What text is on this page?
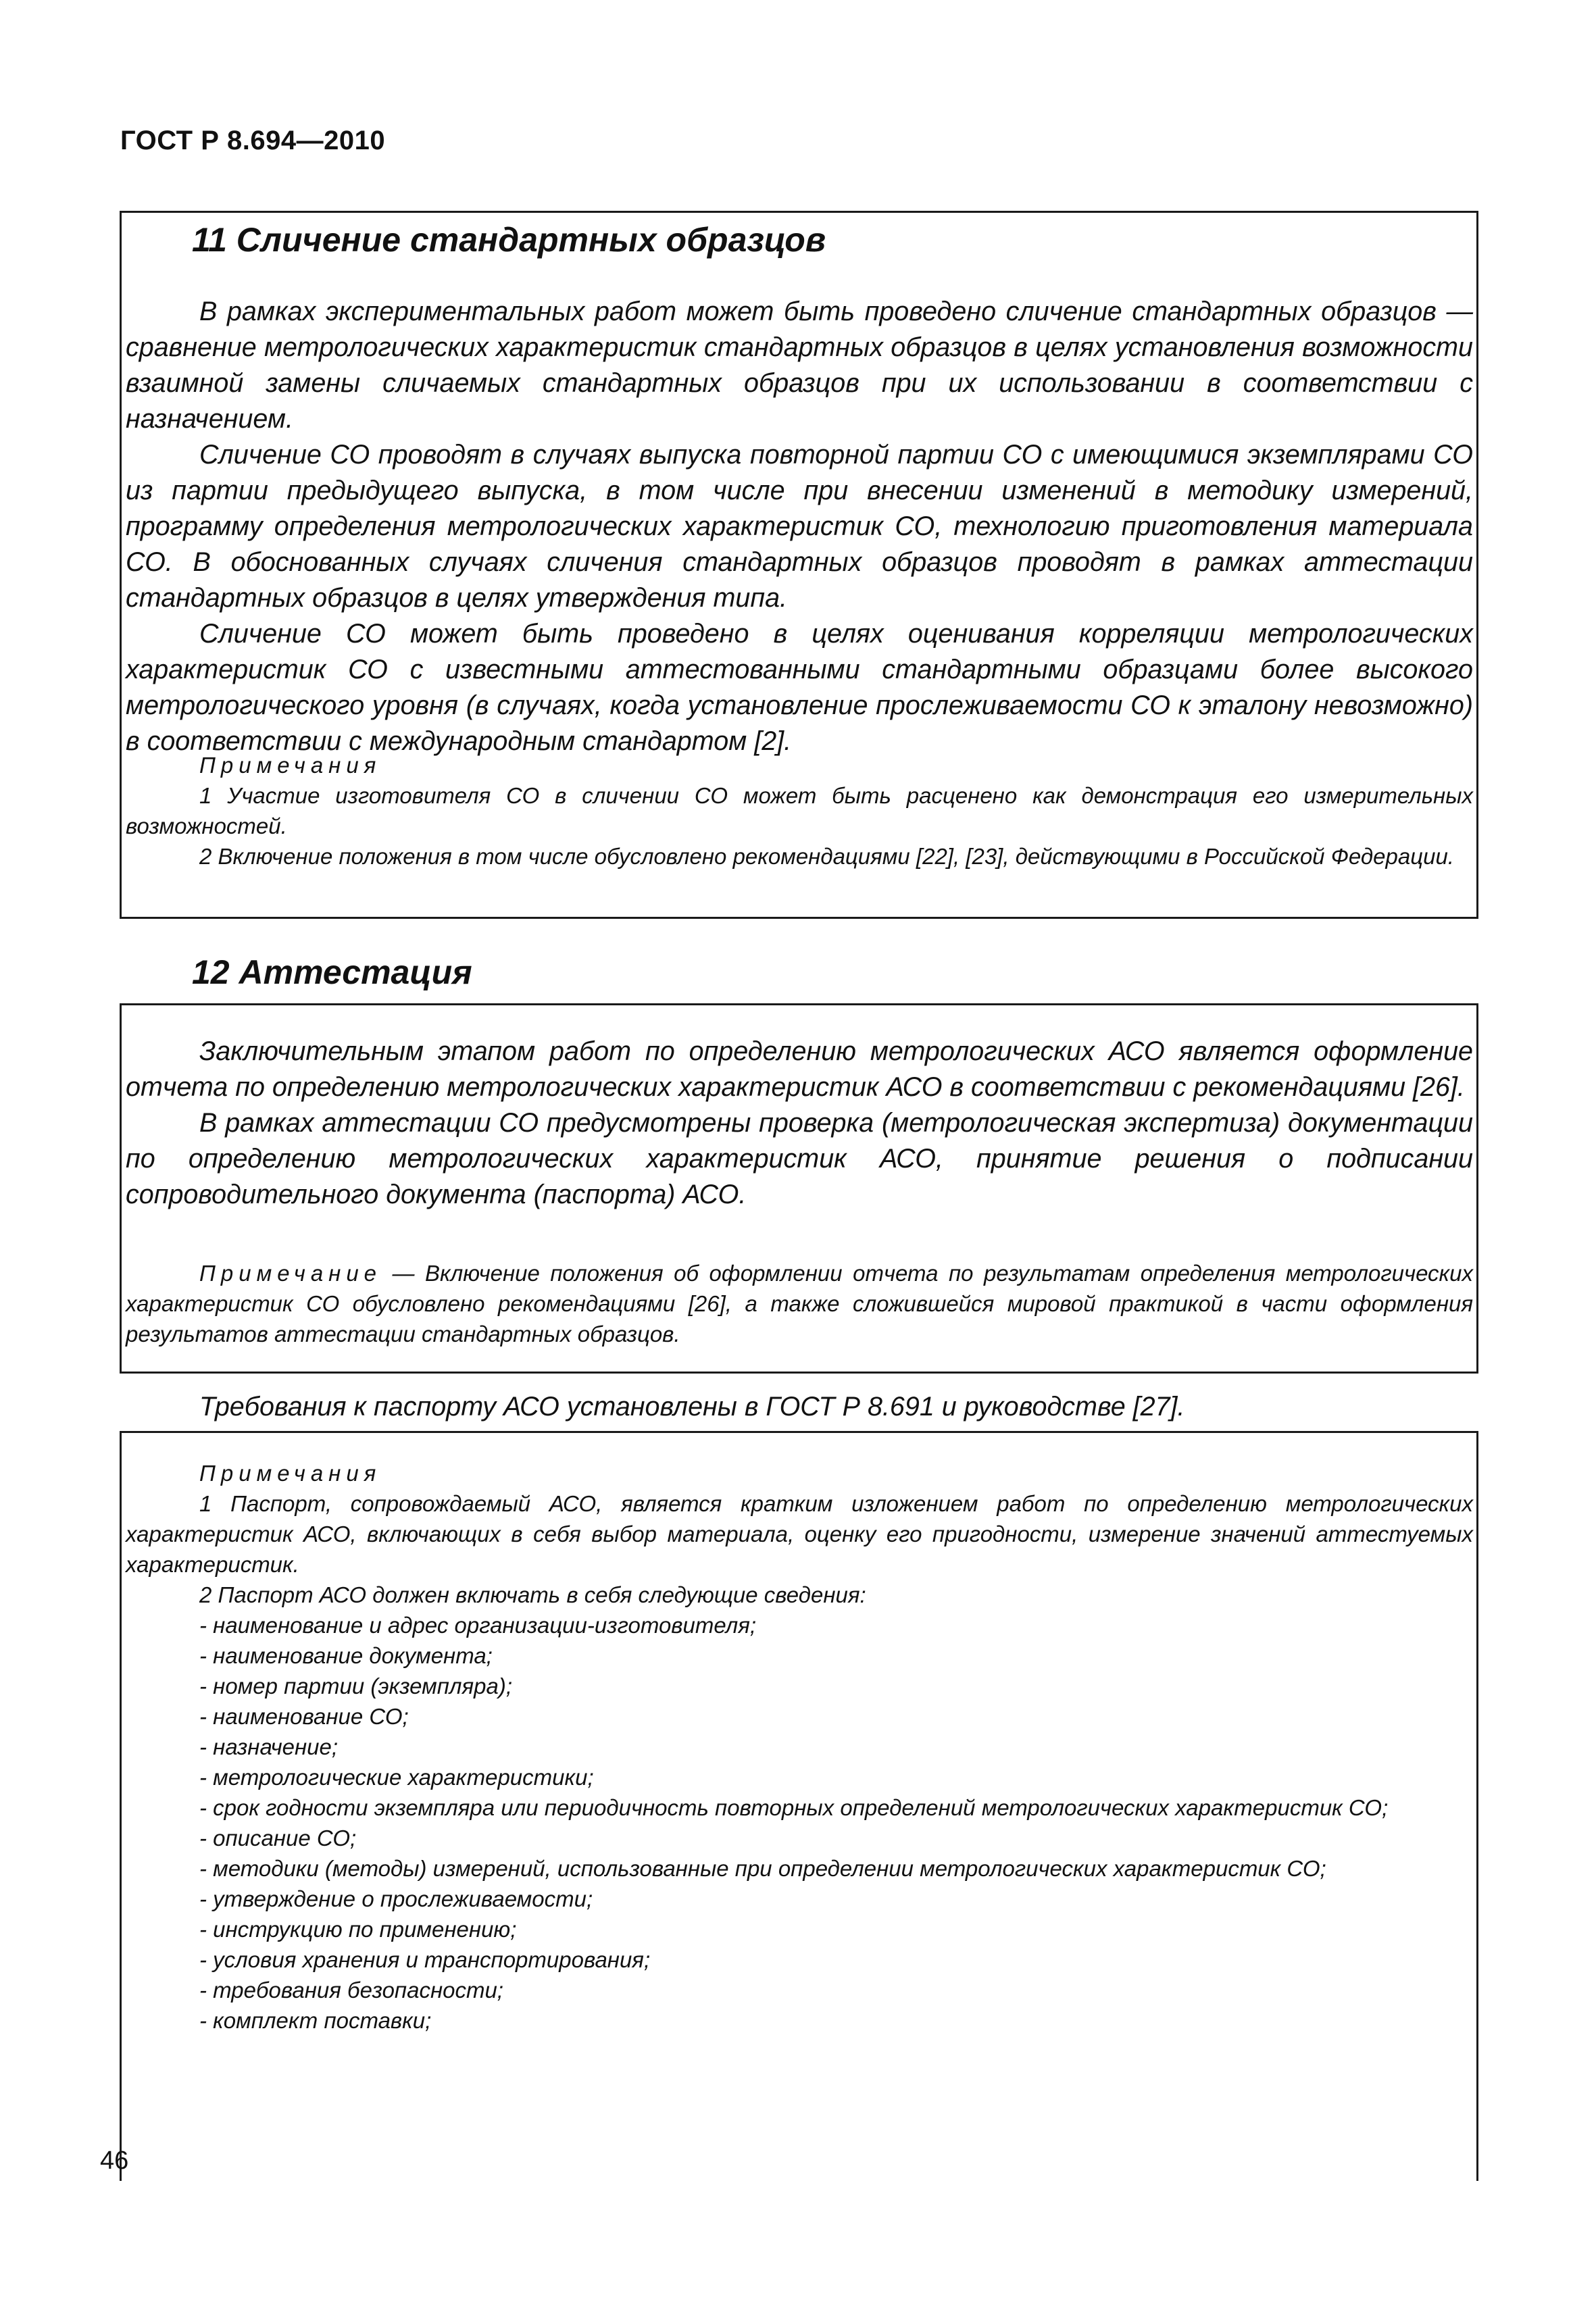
ГОСТ Р 8.694—2010
11 Сличение стандартных образцов

В рамках экспериментальных работ может быть проведено сличение стандартных образцов — сравнение метрологических характеристик стандартных образцов в целях установления возможности взаимной замены сличаемых стандартных образцов при их использовании в соответствии с назначением.

Сличение СО проводят в случаях выпуска повторной партии СО с имеющимися экземплярами СО из партии предыдущего выпуска, в том числе при внесении изменений в методику измерений, программу определения метрологических характеристик СО, технологию приготовления материала СО. В обоснованных случаях сличения стандартных образцов проводят в рамках аттестации стандартных образцов в целях утверждения типа.

Сличение СО может быть проведено в целях оценивания корреляции метрологических характеристик СО с известными аттестованными стандартными образцами более высокого метрологического уровня (в случаях, когда установление прослеживаемости СО к эталону невозможно) в соответствии с международным стандартом [2].

Примечания

1 Участие изготовителя СО в сличении СО может быть расценено как демонстрация его измерительных возможностей.

2 Включение положения в том числе обусловлено рекомендациями [22], [23], действующими в Российской Федерации.

12 Аттестация

Заключительным этапом работ по определению метрологических АСО является оформление отчета по определению метрологических характеристик АСО в соответствии с рекомендациями [26].

В рамках аттестации СО предусмотрены проверка (метрологическая экспертиза) документации по определению метрологических характеристик АСО, принятие решения о подписании сопроводительного документа (паспорта) АСО.

Примечание — Включение положения об оформлении отчета по результатам определения метрологических характеристик СО обусловлено рекомендациями [26], а также сложившейся мировой практикой в части оформления результатов аттестации стандартных образцов.

Требования к паспорту АСО установлены в ГОСТ Р 8.691 и руководстве [27].

Примечания

1 Паспорт, сопровождаемый АСО, является кратким изложением работ по определению метрологических характеристик АСО, включающих в себя выбор материала, оценку его пригодности, измерение значений аттестуемых характеристик.

2 Паспорт АСО должен включать в себя следующие сведения:

- наименование и адрес организации-изготовителя;

- наименование документа;

- номер партии (экземпляра);

- наименование СО;

- назначение;

- метрологические характеристики;

- срок годности экземпляра или периодичность повторных определений метрологических характеристик СО;

- описание СО;

- методики (методы) измерений, использованные при определении метрологических характеристик СО;

- утверждение о прослеживаемости;

- инструкцию по применению;

- условия хранения и транспортирования;

- требования безопасности;

- комплект поставки;

46
